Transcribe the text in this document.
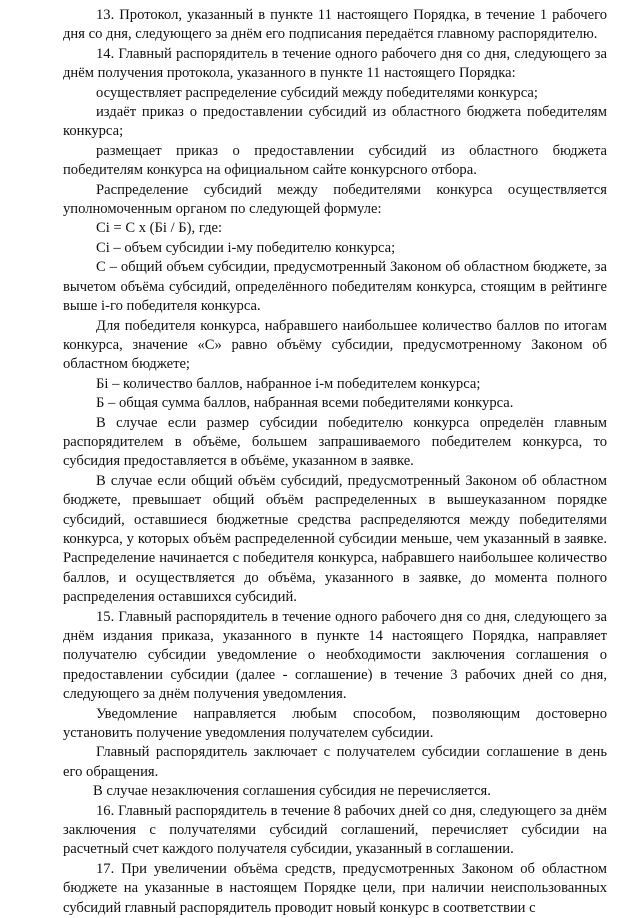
13. Протокол, указанный в пункте 11 настоящего Порядка, в течение 1 рабочего дня со дня, следующего за днём его подписания передаётся главному распорядителю.

14. Главный распорядитель в течение одного рабочего дня со дня, следующего за днём получения протокола, указанного в пункте 11 настоящего Порядка:

осуществляет распределение субсидий между победителями конкурса;

издаёт приказ о предоставлении субсидий из областного бюджета победителям конкурса;

размещает приказ о предоставлении субсидий из областного бюджета победителям конкурса на официальном сайте конкурсного отбора.

Распределение субсидий между победителями конкурса осуществляется уполномоченным органом по следующей формуле:

Сi = С х (Бi / Б), где:

Сi – объем субсидии i-му победителю конкурса;

С – общий объем субсидии, предусмотренный Законом об областном бюджете, за вычетом объёма субсидий, определённого победителям конкурса, стоящим в рейтинге выше i-го победителя конкурса.

Для победителя конкурса, набравшего наибольшее количество баллов по итогам конкурса, значение «С» равно объёму субсидии, предусмотренному Законом об областном бюджете;

Бi – количество баллов, набранное i-м победителем конкурса;

Б – общая сумма баллов, набранная всеми победителями конкурса.

В случае если размер субсидии победителю конкурса определён главным распорядителем в объёме, большем запрашиваемого победителем конкурса, то субсидия предоставляется в объёме, указанном в заявке.

В случае если общий объём субсидий, предусмотренный Законом об областном бюджете, превышает общий объём распределенных в вышеуказанном порядке субсидий, оставшиеся бюджетные средства распределяются между победителями конкурса, у которых объём распределенной субсидии меньше, чем указанный в заявке. Распределение начинается с победителя конкурса, набравшего наибольшее количество баллов, и осуществляется до объёма, указанного в заявке, до момента полного распределения оставшихся субсидий.

15. Главный распорядитель в течение одного рабочего дня со дня, следующего за днём издания приказа, указанного в пункте 14 настоящего Порядка, направляет получателю субсидии уведомление о необходимости заключения соглашения о предоставлении субсидии (далее - соглашение) в течение 3 рабочих дней со дня, следующего за днём получения уведомления.

Уведомление направляется любым способом, позволяющим достоверно установить получение уведомления получателем субсидии.

Главный распорядитель заключает с получателем субсидии соглашение в день его обращения.

В случае незаключения соглашения субсидия не перечисляется.

16. Главный распорядитель в течение 8 рабочих дней со дня, следующего за днём заключения с получателями субсидий соглашений, перечисляет субсидии на расчетный счет каждого получателя субсидии, указанный в соглашении.

17. При увеличении объёма средств, предусмотренных Законом об областном бюджете на указанные в настоящем Порядке цели, при наличии неиспользованных субсидий главный распорядитель проводит новый конкурс в соответствии с
